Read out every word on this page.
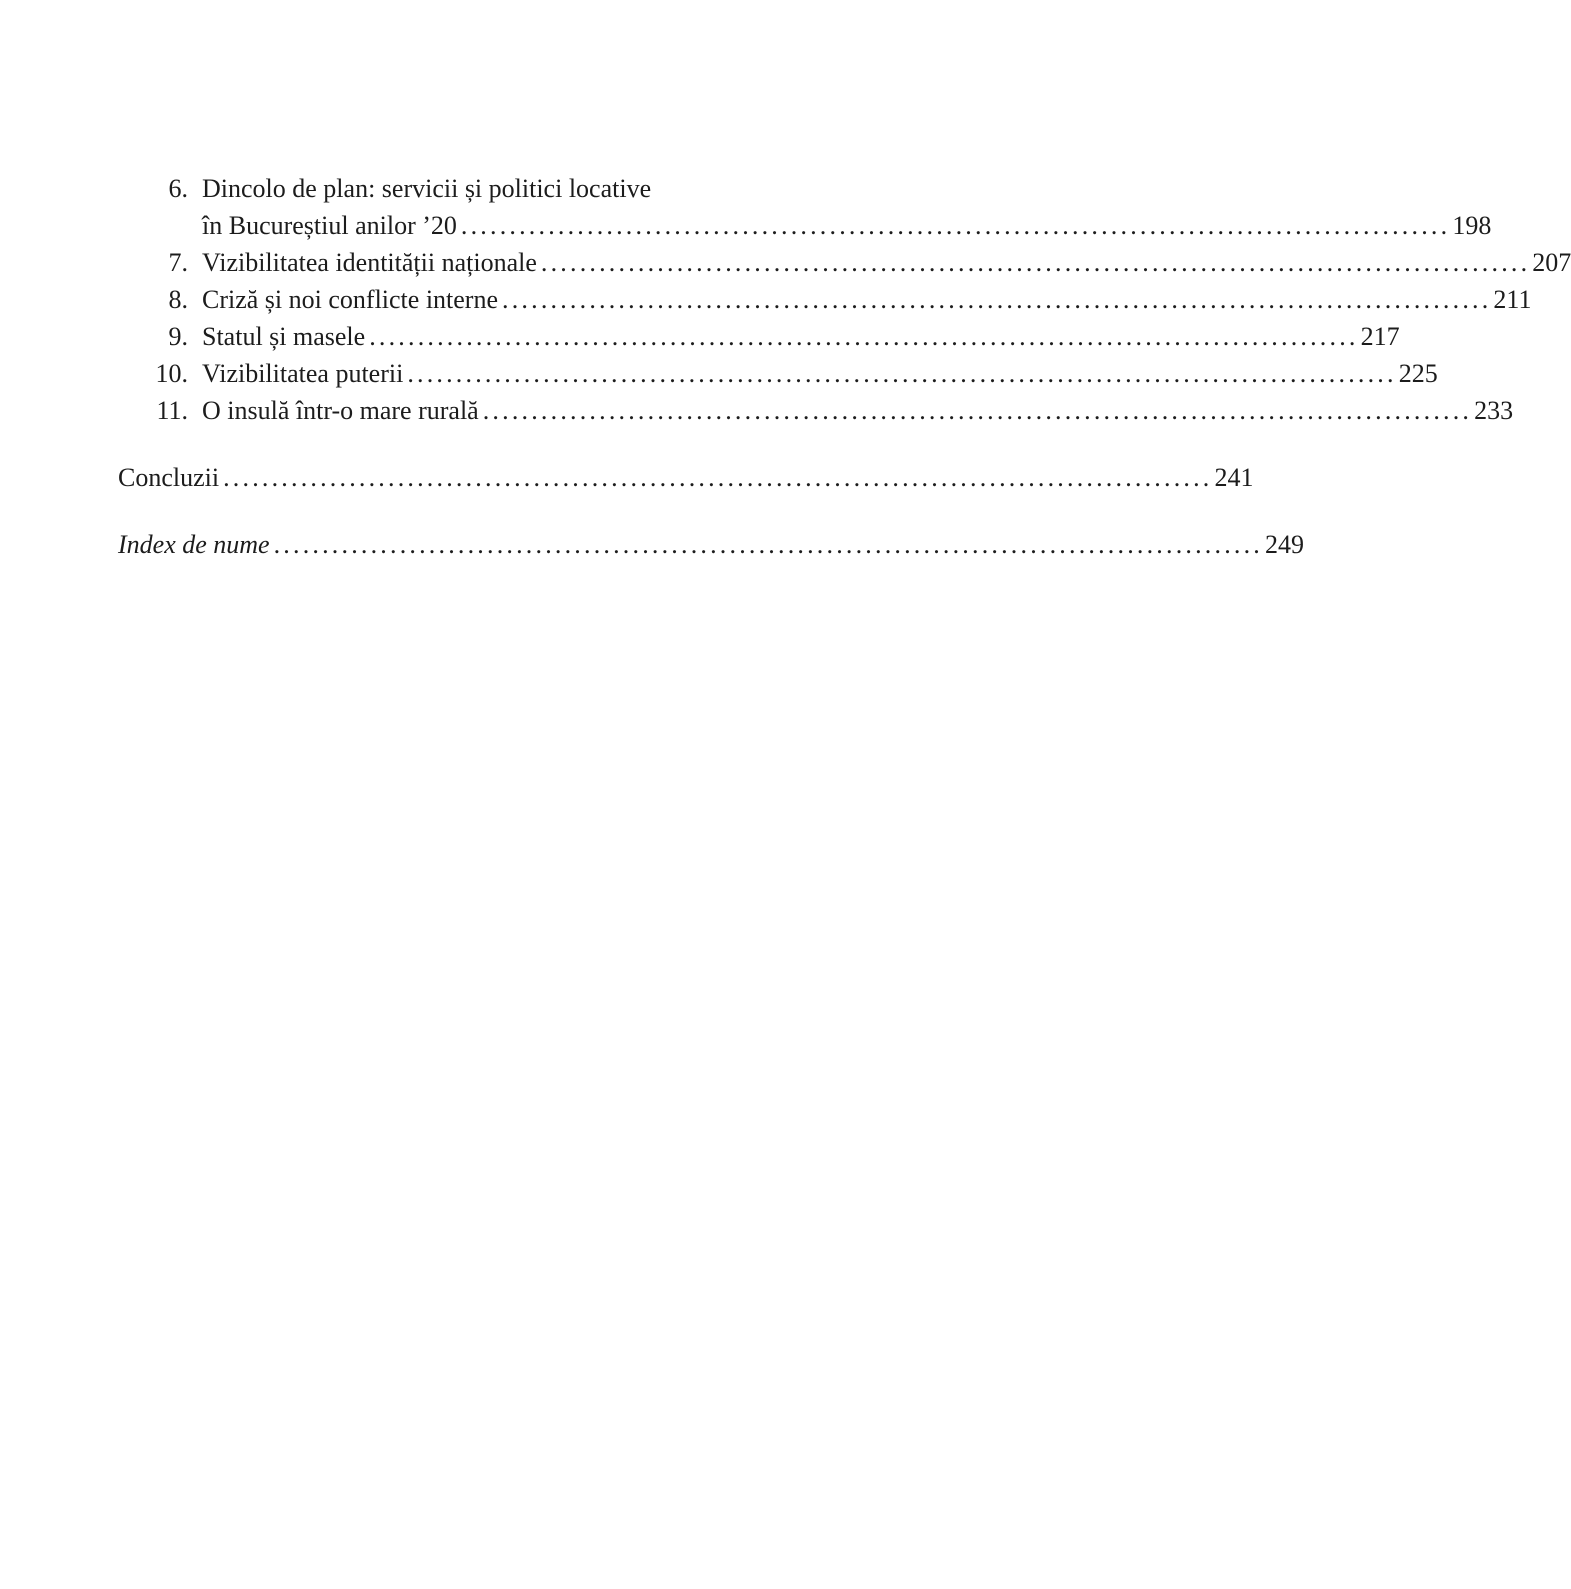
6. Dincolo de plan: servicii și politici locative
în Bucureștiul anilor ’20 ...................................................................................................... 198
7. Vizibilitatea identității naționale ...................................................................................................... 207
8. Criză și noi conflicte interne ...................................................................................................... 211
9. Statul și masele ...................................................................................................... 217
10. Vizibilitatea puterii ...................................................................................................... 225
11. O insulă într-o mare rurală ...................................................................................................... 233
Concluzii ...................................................................................................... 241
Index de nume ...................................................................................................... 249
